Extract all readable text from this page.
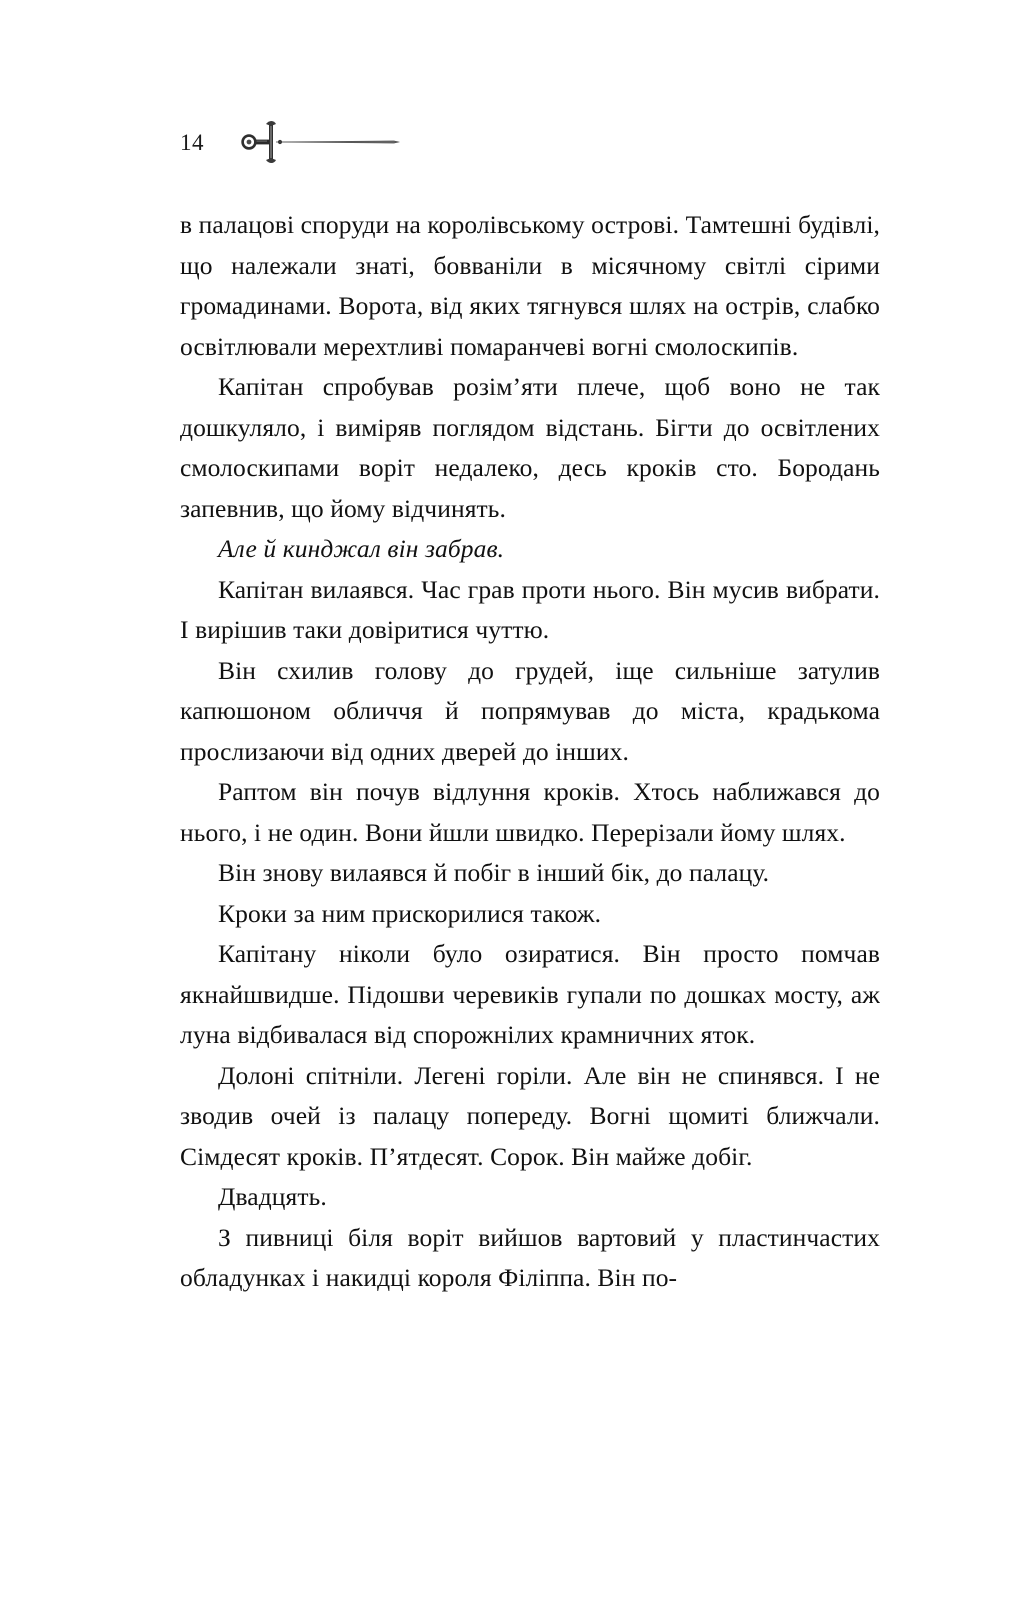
14

в палацові споруди на королівському острові. Тамтешні будівлі, що належали знаті, бовваніли в місячному світлі сірими громадинами. Ворота, від яких тягнувся шлях на острів, слабко освітлювали мерехтливі помаранчеві вогні смолоскипів.

Капітан спробував розім’яти плече, щоб воно не так дошкуляло, і виміряв поглядом відстань. Бігти до освітлених смолоскипами воріт недалеко, десь кроків сто. Бородань запевнив, що йому відчинять.

Але й кинджал він забрав.

Капітан вилаявся. Час грав проти нього. Він мусив вибрати. І вирішив таки довіритися чуттю.

Він схилив голову до грудей, іще сильніше затулив капюшоном обличчя й попрямував до міста, крадькома прослизаючи від одних дверей до інших.

Раптом він почув відлуння кроків. Хтось наближався до нього, і не один. Вони йшли швидко. Перерізали йому шлях.

Він знову вилаявся й побіг в інший бік, до палацу.

Кроки за ним прискорилися також.

Капітану ніколи було озиратися. Він просто помчав якнайшвидше. Підошви черевиків гупали по дошках мосту, аж луна відбивалася від спорожнілих крамничних яток.

Долоні спітніли. Легені горіли. Але він не спинявся. І не зводив очей із палацу попереду. Вогні щомиті ближчали. Сімдесят кроків. П’ятдесят. Сорок. Він майже добіг.

Двадцять.

З пивниці біля воріт вийшов вартовий у пластинчастих обладунках і накидці короля Філіппа. Він по-
